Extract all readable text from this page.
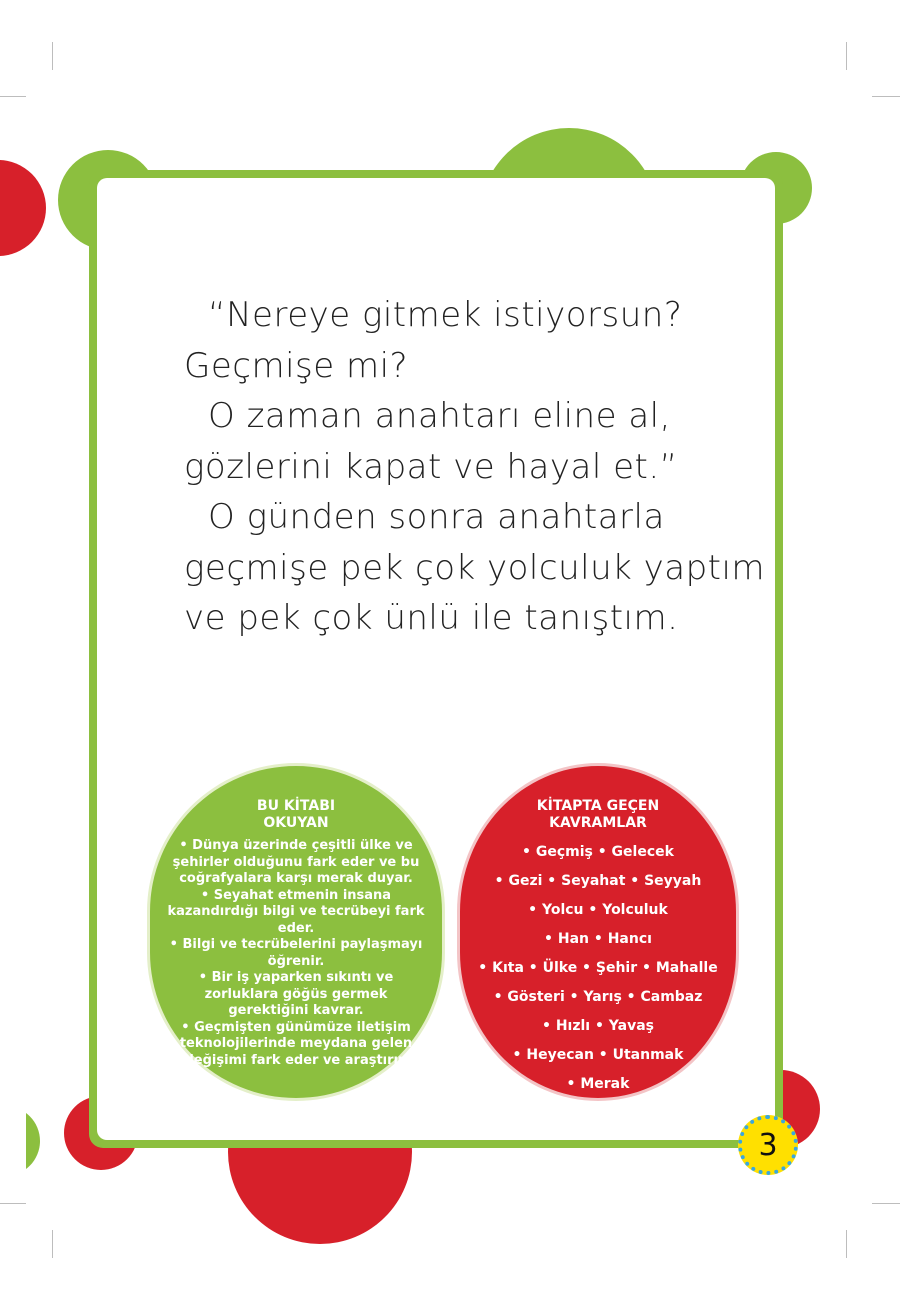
“Nereye gitmek istiyorsun?
Geçmişe mi?
O zaman anahtarı eline al,
gözlerini kapat ve hayal et.”
O günden sonra anahtarla
geçmişe pek çok yolculuk yaptım
ve pek çok ünlü ile tanıştım.

BU KİTABI
OKUYAN
• Dünya üzerinde çeşitli ülke ve şehirler olduğunu fark eder ve bu coğrafyalara karşı merak duyar.
• Seyahat etmenin insana kazandırdığı bilgi ve tecrübeyi fark eder.
• Bilgi ve tecrübelerini paylaşmayı öğrenir.
• Bir iş yaparken sıkıntı ve zorluklara göğüs germek gerektiğini kavrar.
• Geçmişten günümüze iletişim teknolojilerinde meydana gelen değişimi fark eder ve araştırır.
KİTAPTA GEÇEN
KAVRAMLAR
• Geçmiş • Gelecek
• Gezi • Seyahat • Seyyah
• Yolcu • Yolculuk
• Han • Hancı
• Kıta • Ülke • Şehir • Mahalle
• Gösteri • Yarış • Cambaz
• Hızlı • Yavaş
• Heyecan • Utanmak
• Merak
3
